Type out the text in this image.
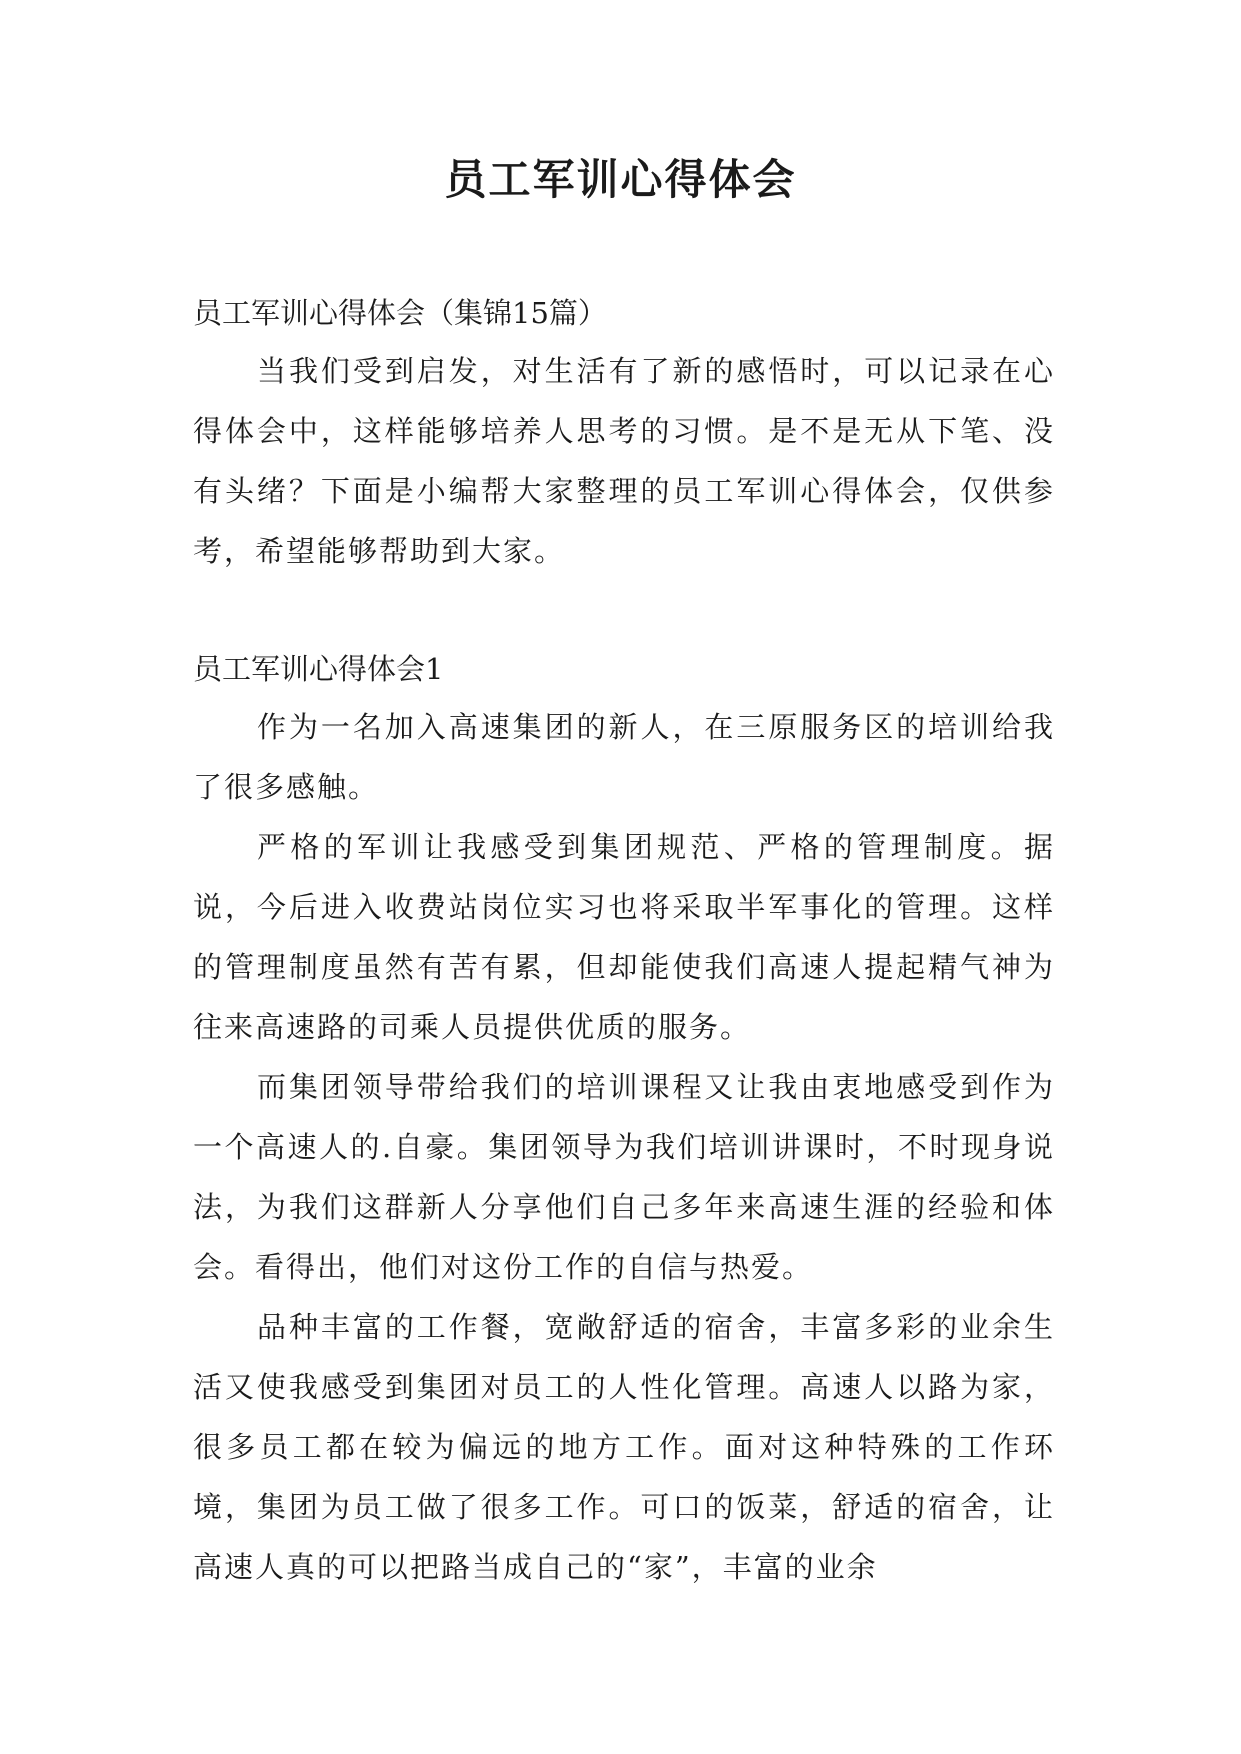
员工军训心得体会

员工军训心得体会（集锦15篇）

当我们受到启发，对生活有了新的感悟时，可以记录在心得体会中，这样能够培养人思考的习惯。是不是无从下笔、没有头绪？下面是小编帮大家整理的员工军训心得体会，仅供参考，希望能够帮助到大家。

员工军训心得体会1

作为一名加入高速集团的新人，在三原服务区的培训给我了很多感触。

严格的军训让我感受到集团规范、严格的管理制度。据说，今后进入收费站岗位实习也将采取半军事化的管理。这样的管理制度虽然有苦有累，但却能使我们高速人提起精气神为往来高速路的司乘人员提供优质的服务。

而集团领导带给我们的培训课程又让我由衷地感受到作为一个高速人的.自豪。集团领导为我们培训讲课时，不时现身说法，为我们这群新人分享他们自己多年来高速生涯的经验和体会。看得出，他们对这份工作的自信与热爱。

品种丰富的工作餐，宽敞舒适的宿舍，丰富多彩的业余生活又使我感受到集团对员工的人性化管理。高速人以路为家，很多员工都在较为偏远的地方工作。面对这种特殊的工作环境，集团为员工做了很多工作。可口的饭菜，舒适的宿舍，让高速人真的可以把路当成自己的“家”，丰富的业余
